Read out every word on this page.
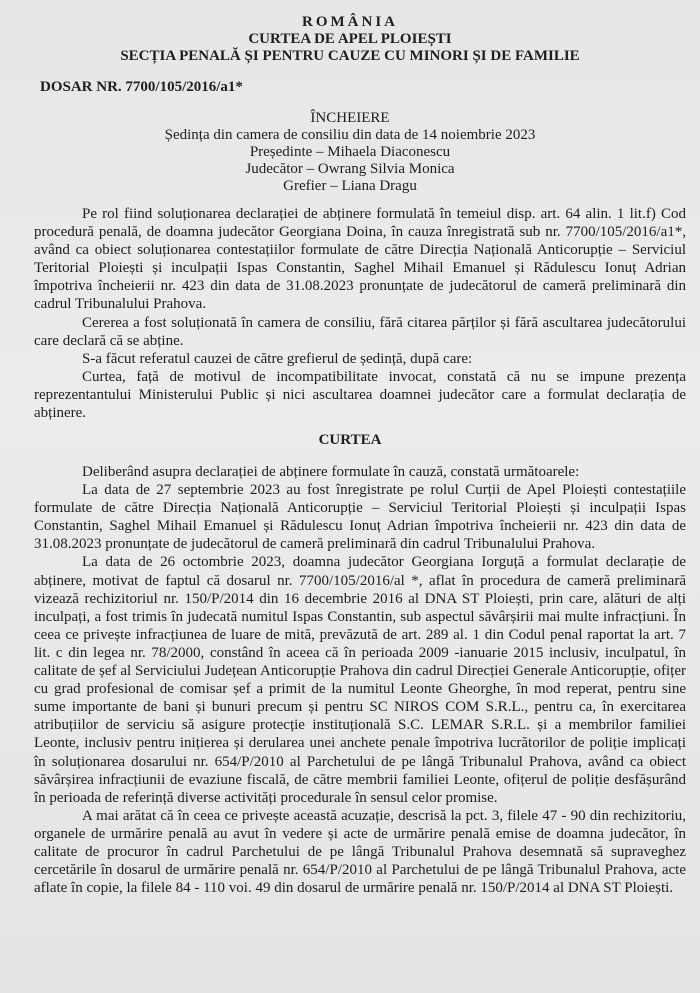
ROMÂNIA
CURTEA DE APEL PLOIEȘTI
SECȚIA PENALĂ ȘI PENTRU CAUZE CU MINORI ȘI DE FAMILIE
DOSAR NR. 7700/105/2016/a1*
ÎNCHEIERE
Ședința din camera de consiliu din data de 14 noiembrie 2023
Președinte – Mihaela Diaconescu
Judecător – Owrang Silvia Monica
Grefier – Liana Dragu

Pe rol fiind soluționarea declarației de abținere formulată în temeiul disp. art. 64 alin. 1 lit.f) Cod procedură penală, de doamna judecător Georgiana Doina, în cauza înregistrată sub nr. 7700/105/2016/a1*, având ca obiect soluționarea contestațiilor formulate de către Direcția Națională Anticorupție – Serviciul Teritorial Ploiești și inculpații Ispas Constantin, Saghel Mihail Emanuel și Rădulescu Ionuț Adrian împotriva încheierii nr. 423 din data de 31.08.2023 pronunțate de judecătorul de cameră preliminară din cadrul Tribunalului Prahova.

Cererea a fost soluționată în camera de consiliu, fără citarea părților și fără ascultarea judecătorului care declară că se abține.

S-a făcut referatul cauzei de către grefierul de ședință, după care:

Curtea, față de motivul de incompatibilitate invocat, constată că nu se impune prezența reprezentantului Ministerului Public și nici ascultarea doamnei judecător care a formulat declarația de abținere.

CURTEA

Deliberând asupra declarației de abținere formulate în cauză, constată următoarele:

La data de 27 septembrie 2023 au fost înregistrate pe rolul Curții de Apel Ploiești contestațiile formulate de către Direcția Națională Anticorupție – Serviciul Teritorial Ploiești și inculpații Ispas Constantin, Saghel Mihail Emanuel și Rădulescu Ionuț Adrian împotriva încheierii nr. 423 din data de 31.08.2023 pronunțate de judecătorul de cameră preliminară din cadrul Tribunalului Prahova.

La data de 26 octombrie 2023, doamna judecător Georgiana Iorguță a formulat declarație de abținere, motivat de faptul că dosarul nr. 7700/105/2016/al *, aflat în procedura de cameră preliminară vizează rechizitoriul nr. 150/P/2014 din 16 decembrie 2016 al DNA ST Ploiești, prin care, alături de alți inculpați, a fost trimis în judecată numitul Ispas Constantin, sub aspectul săvârșirii mai multe infracțiuni. În ceea ce privește infracțiunea de luare de mită, prevăzută de art. 289 al. 1 din Codul penal raportat la art. 7 lit. c din legea nr. 78/2000, constând în aceea că în perioada 2009 -ianuarie 2015 inclusiv, inculpatul, în calitate de șef al Serviciului Județean Anticorupție Prahova din cadrul Direcției Generale Anticorupție, ofițer cu grad profesional de comisar șef a primit de la numitul Leonte Gheorghe, în mod reperat, pentru sine sume importante de bani și bunuri precum și pentru SC NIROS COM S.R.L., pentru ca, în exercitarea atribuțiilor de serviciu să asigure protecție instituțională S.C. LEMAR S.R.L. și a membrilor familiei Leonte, inclusiv pentru inițierea și derularea unei anchete penale împotriva lucrătorilor de poliție implicați în soluționarea dosarului nr. 654/P/2010 al Parchetului de pe lângă Tribunalul Prahova, având ca obiect săvârșirea infracțiunii de evaziune fiscală, de către membrii familiei Leonte, ofițerul de poliție desfășurând în perioada de referință diverse activități procedurale în sensul celor promise.

A mai arătat că în ceea ce privește această acuzație, descrisă la pct. 3, filele 47 - 90 din rechizitoriu, organele de urmărire penală au avut în vedere și acte de urmărire penală emise de doamna judecător, în calitate de procuror în cadrul Parchetului de pe lângă Tribunalul Prahova desemnată să supraveghez cercetările în dosarul de urmărire penală nr. 654/P/2010 al Parchetului de pe lângă Tribunalul Prahova, acte aflate în copie, la filele 84 - 110 voi. 49 din dosarul de urmărire penală nr. 150/P/2014 al DNA ST Ploiești.
